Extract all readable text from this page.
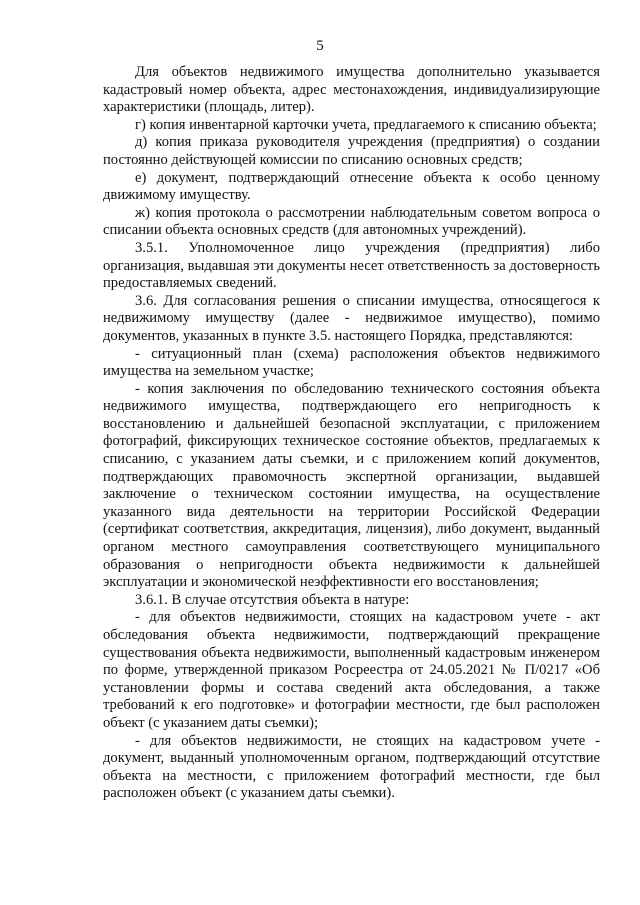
5

Для объектов недвижимого имущества дополнительно указывается кадастровый номер объекта, адрес местонахождения, индивидуализирующие характеристики (площадь, литер).

г) копия инвентарной карточки учета, предлагаемого к списанию объекта;

д) копия приказа руководителя учреждения (предприятия) о создании постоянно действующей комиссии по списанию основных средств;

е) документ, подтверждающий отнесение объекта к особо ценному движимому имуществу.

ж) копия протокола о рассмотрении наблюдательным советом вопроса о списании объекта основных средств (для автономных учреждений).

3.5.1. Уполномоченное лицо учреждения (предприятия) либо организация, выдавшая эти документы несет ответственность за достоверность предоставляемых сведений.

3.6. Для согласования решения о списании имущества, относящегося к недвижимому имуществу (далее - недвижимое имущество), помимо документов, указанных в пункте 3.5. настоящего Порядка, представляются:

- ситуационный план (схема) расположения объектов недвижимого имущества на земельном участке;

- копия заключения по обследованию технического состояния объекта недвижимого имущества, подтверждающего его непригодность к восстановлению и дальнейшей безопасной эксплуатации, с приложением фотографий, фиксирующих техническое состояние объектов, предлагаемых к списанию, с указанием даты съемки, и с приложением копий документов, подтверждающих правомочность экспертной организации, выдавшей заключение о техническом состоянии имущества, на осуществление указанного вида деятельности на территории Российской Федерации (сертификат соответствия, аккредитация, лицензия), либо документ, выданный органом местного самоуправления соответствующего муниципального образования о непригодности объекта недвижимости к дальнейшей эксплуатации и экономической неэффективности его восстановления;

3.6.1. В случае отсутствия объекта в натуре:

- для объектов недвижимости, стоящих на кадастровом учете - акт обследования объекта недвижимости, подтверждающий прекращение существования объекта недвижимости, выполненный кадастровым инженером по форме, утвержденной приказом Росреестра от 24.05.2021 № П/0217 «Об установлении формы и состава сведений акта обследования, а также требований к его подготовке» и фотографии местности, где был расположен объект (с указанием даты съемки);

- для объектов недвижимости, не стоящих на кадастровом учете - документ, выданный уполномоченным органом, подтверждающий отсутствие объекта на местности, с приложением фотографий местности, где был расположен объект (с указанием даты съемки).
